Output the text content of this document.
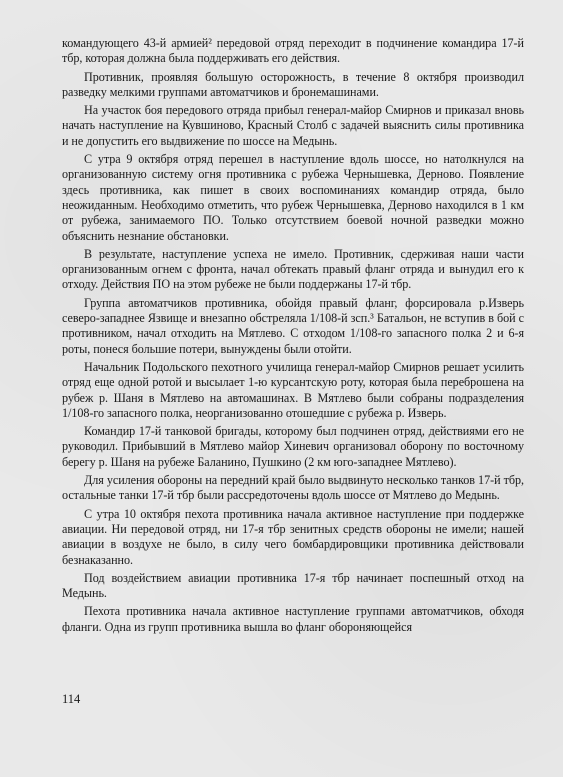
командующего 43-й армией² передовой отряд переходит в подчинение командира 17-й тбр, которая должна была поддерживать его действия.

Противник, проявляя большую осторожность, в течение 8 октября производил разведку мелкими группами автоматчиков и бронемашинами.

На участок боя передового отряда прибыл генерал-майор Смирнов и приказал вновь начать наступление на Кувшиново, Красный Столб с задачей выяснить силы противника и не допустить его выдвижение по шоссе на Медынь.

С утра 9 октября отряд перешел в наступление вдоль шоссе, но натолкнулся на организованную систему огня противника с рубежа Чернышевка, Дерново. Появление здесь противника, как пишет в своих воспоминаниях командир отряда, было неожиданным. Необходимо отметить, что рубеж Чернышевка, Дерново находился в 1 км от рубежа, занимаемого ПО. Только отсутствием боевой ночной разведки можно объяснить незнание обстановки.

В результате, наступление успеха не имело. Противник, сдерживая наши части организованным огнем с фронта, начал обтекать правый фланг отряда и вынудил его к отходу. Действия ПО на этом рубеже не были поддержаны 17-й тбр.

Группа автоматчиков противника, обойдя правый фланг, форсировала р.Изверь северо-западнее Язвище и внезапно обстреляла 1/108-й зсп.³ Батальон, не вступив в бой с противником, начал отходить на Мятлево. С отходом 1/108-го запасного полка 2 и 6-я роты, понеся большие потери, вынуждены были отойти.

Начальник Подольского пехотного училища генерал-майор Смирнов решает усилить отряд еще одной ротой и высылает 1-ю курсантскую роту, которая была переброшена на рубеж р. Шаня в Мятлево на автомашинах. В Мятлево были собраны подразделения 1/108-го запасного полка, неорганизованно отошедшие с рубежа р. Изверь.

Командир 17-й танковой бригады, которому был подчинен отряд, действиями его не руководил. Прибывший в Мятлево майор Хиневич организовал оборону по восточному берегу р. Шаня на рубеже Баланино, Пушкино (2 км юго-западнее Мятлево).

Для усиления обороны на передний край было выдвинуто несколько танков 17-й тбр, остальные танки 17-й тбр были рассредоточены вдоль шоссе от Мятлево до Медынь.

С утра 10 октября пехота противника начала активное наступление при поддержке авиации. Ни передовой отряд, ни 17-я тбр зенитных средств обороны не имели; нашей авиации в воздухе не было, в силу чего бомбардировщики противника действовали безнаказанно.

Под воздействием авиации противника 17-я тбр начинает поспешный отход на Медынь.

Пехота противника начала активное наступление группами автоматчиков, обходя фланги. Одна из групп противника вышла во фланг обороняющейся

114
